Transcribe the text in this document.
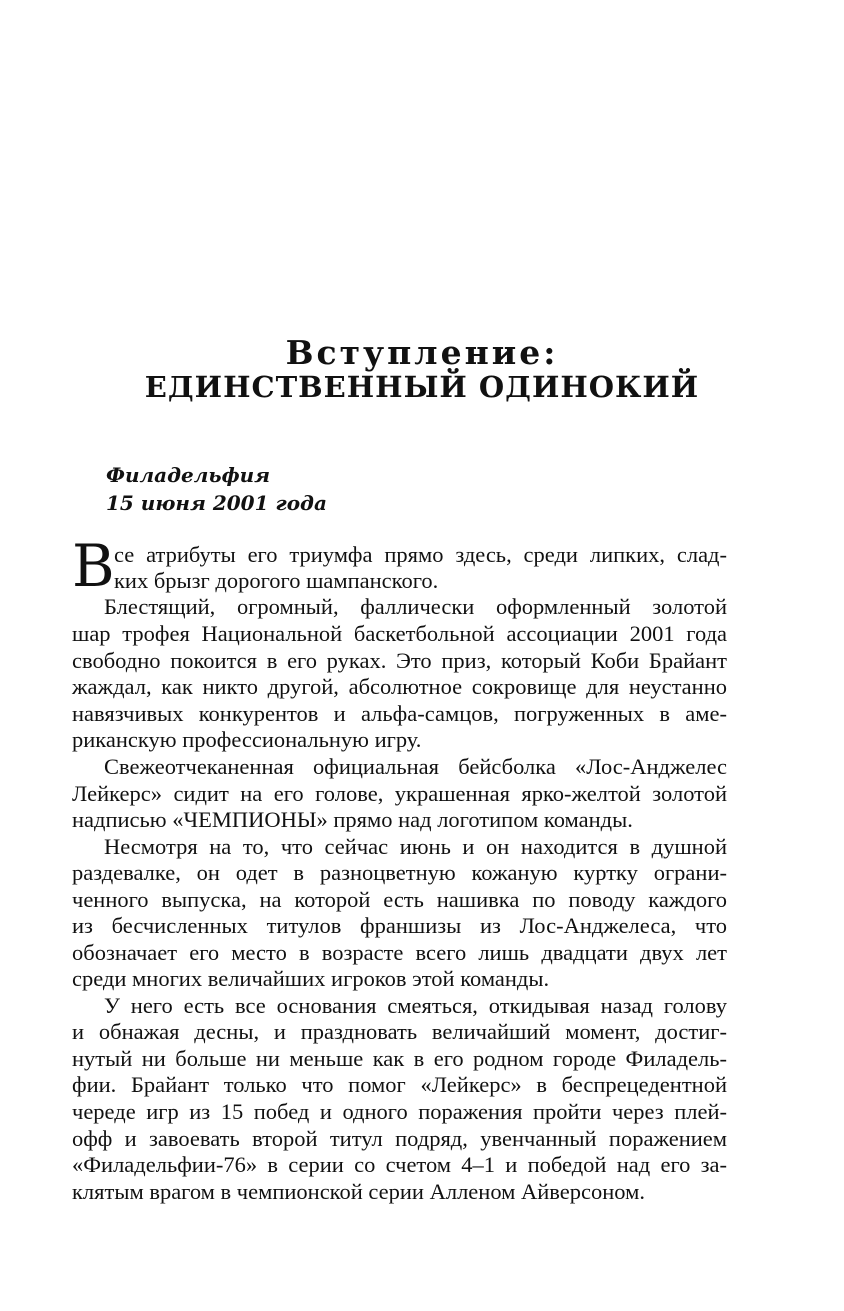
Вступление:
ЕДИНСТВЕННЫЙ ОДИНОКИЙ
Филадельфия
15 июня 2001 года
В се атрибуты его триумфа прямо здесь, среди липких, слад-
ких брызг дорогого шампанского.
Блестящий, огромный, фаллически оформленный золотой
шар трофея Национальной баскетбольной ассоциации 2001 года
свободно покоится в его руках. Это приз, который Коби Брайант
жаждал, как никто другой, абсолютное сокровище для неустанно
навязчивых конкурентов и альфа-самцов, погруженных в аме-
риканскую профессиональную игру.
Свежеотчеканенная официальная бейсболка «Лос-Анджелес
Лейкерс» сидит на его голове, украшенная ярко-желтой золотой
надписью «ЧЕМПИОНЫ» прямо над логотипом команды.
Несмотря на то, что сейчас июнь и он находится в душной
раздевалке, он одет в разноцветную кожаную куртку ограни-
ченного выпуска, на которой есть нашивка по поводу каждого
из бесчисленных титулов франшизы из Лос-Анджелеса, что
обозначает его место в возрасте всего лишь двадцати двух лет
среди многих величайших игроков этой команды.
У него есть все основания смеяться, откидывая назад голову
и обнажая десны, и праздновать величайший момент, достиг-
нутый ни больше ни меньше как в его родном городе Филадель-
фии. Брайант только что помог «Лейкерс» в беспрецедентной
череде игр из 15 побед и одного поражения пройти через плей-
офф и завоевать второй титул подряд, увенчанный поражением
«Филадельфии-76» в серии со счетом 4–1 и победой над его за-
клятым врагом в чемпионской серии Алленом Айверсоном.
